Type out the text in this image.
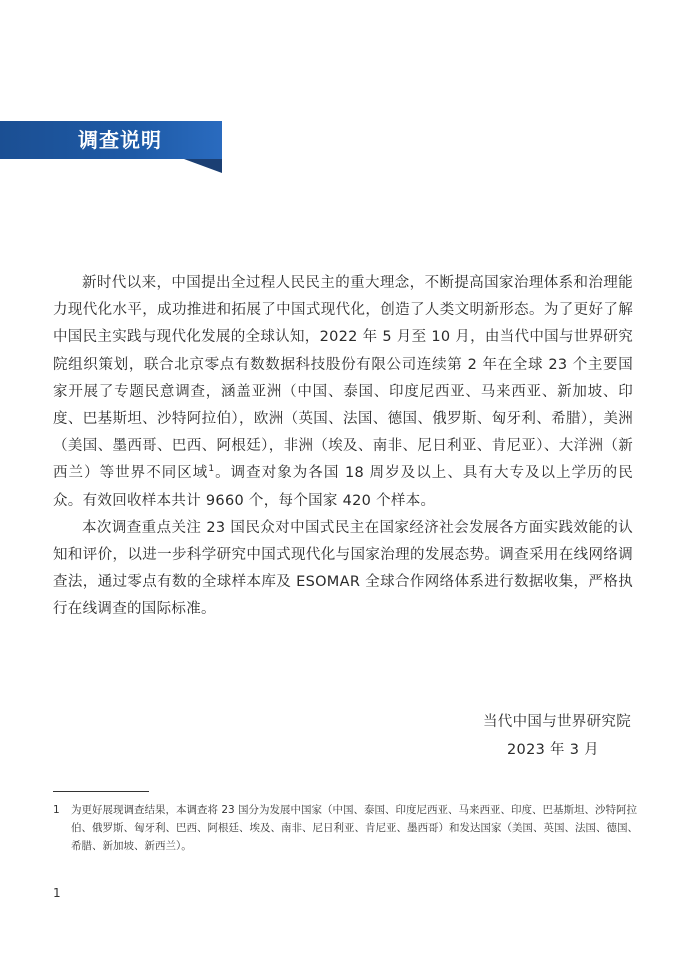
调查说明

新时代以来，中国提出全过程人民民主的重大理念，不断提高国家治理体系和治理能力现代化水平，成功推进和拓展了中国式现代化，创造了人类文明新形态。为了更好了解中国民主实践与现代化发展的全球认知，2022 年 5 月至 10 月，由当代中国与世界研究院组织策划，联合北京零点有数数据科技股份有限公司连续第 2 年在全球 23 个主要国家开展了专题民意调查，涵盖亚洲（中国、泰国、印度尼西亚、马来西亚、新加坡、印度、巴基斯坦、沙特阿拉伯），欧洲（英国、法国、德国、俄罗斯、匈牙利、希腊），美洲（美国、墨西哥、巴西、阿根廷），非洲（埃及、南非、尼日利亚、肯尼亚）、大洋洲（新西兰）等世界不同区域$^1$。调查对象为各国 18 周岁及以上、具有大专及以上学历的民众。有效回收样本共计 9660 个，每个国家 420 个样本。

本次调查重点关注 23 国民众对中国式民主在国家经济社会发展各方面实践效能的认知和评价，以进一步科学研究中国式现代化与国家治理的发展态势。调查采用在线网络调查法，通过零点有数的全球样本库及 ESOMAR 全球合作网络体系进行数据收集，严格执行在线调查的国际标准。

当代中国与世界研究院
2023 年 3 月
1 为更好展现调查结果，本调查将 23 国分为发展中国家（中国、泰国、印度尼西亚、马来西亚、印度、巴基斯坦、沙特阿拉伯、俄罗斯、匈牙利、巴西、阿根廷、埃及、南非、尼日利亚、肯尼亚、墨西哥）和发达国家（美国、英国、法国、德国、希腊、新加坡、新西兰）。
1
